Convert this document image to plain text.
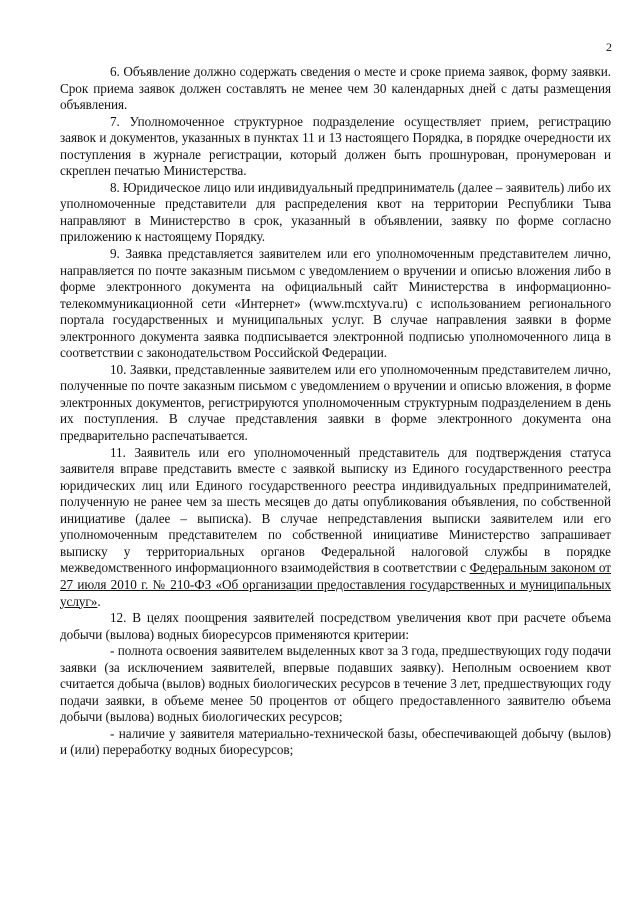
2

6. Объявление должно содержать сведения о месте и сроке приема заявок, форму заявки. Срок приема заявок должен составлять не менее чем 30 календарных дней с даты размещения объявления.

7. Уполномоченное структурное подразделение осуществляет прием, регистрацию заявок и документов, указанных в пунктах 11 и 13 настоящего Порядка, в порядке очередности их поступления в журнале регистрации, который должен быть прошнурован, пронумерован и скреплен печатью Министерства.

8. Юридическое лицо или индивидуальный предприниматель (далее – заявитель) либо их уполномоченные представители для распределения квот на территории Республики Тыва направляют в Министерство в срок, указанный в объявлении, заявку по форме согласно приложению к настоящему Порядку.

9. Заявка представляется заявителем или его уполномоченным представителем лично, направляется по почте заказным письмом с уведомлением о вручении и описью вложения либо в форме электронного документа на официальный сайт Министерства в информационно-телекоммуникационной сети «Интернет» (www.mcxtyva.ru) с использованием регионального портала государственных и муниципальных услуг. В случае направления заявки в форме электронного документа заявка подписывается электронной подписью уполномоченного лица в соответствии с законодательством Российской Федерации.

10. Заявки, представленные заявителем или его уполномоченным представителем лично, полученные по почте заказным письмом с уведомлением о вручении и описью вложения, в форме электронных документов, регистрируются уполномоченным структурным подразделением в день их поступления. В случае представления заявки в форме электронного документа она предварительно распечатывается.

11. Заявитель или его уполномоченный представитель для подтверждения статуса заявителя вправе представить вместе с заявкой выписку из Единого государственного реестра юридических лиц или Единого государственного реестра индивидуальных предпринимателей, полученную не ранее чем за шесть месяцев до даты опубликования объявления, по собственной инициативе (далее – выписка). В случае непредставления выписки заявителем или его уполномоченным представителем по собственной инициативе Министерство запрашивает выписку у территориальных органов Федеральной налоговой службы в порядке межведомственного информационного взаимодействия в соответствии с Федеральным законом от 27 июля 2010 г. № 210-ФЗ «Об организации предоставления государственных и муниципальных услуг».

12. В целях поощрения заявителей посредством увеличения квот при расчете объема добычи (вылова) водных биоресурсов применяются критерии:

- полнота освоения заявителем выделенных квот за 3 года, предшествующих году подачи заявки (за исключением заявителей, впервые подавших заявку). Неполным освоением квот считается добыча (вылов) водных биологических ресурсов в течение 3 лет, предшествующих году подачи заявки, в объеме менее 50 процентов от общего предоставленного заявителю объема добычи (вылова) водных биологических ресурсов;

- наличие у заявителя материально-технической базы, обеспечивающей добычу (вылов) и (или) переработку водных биоресурсов;
